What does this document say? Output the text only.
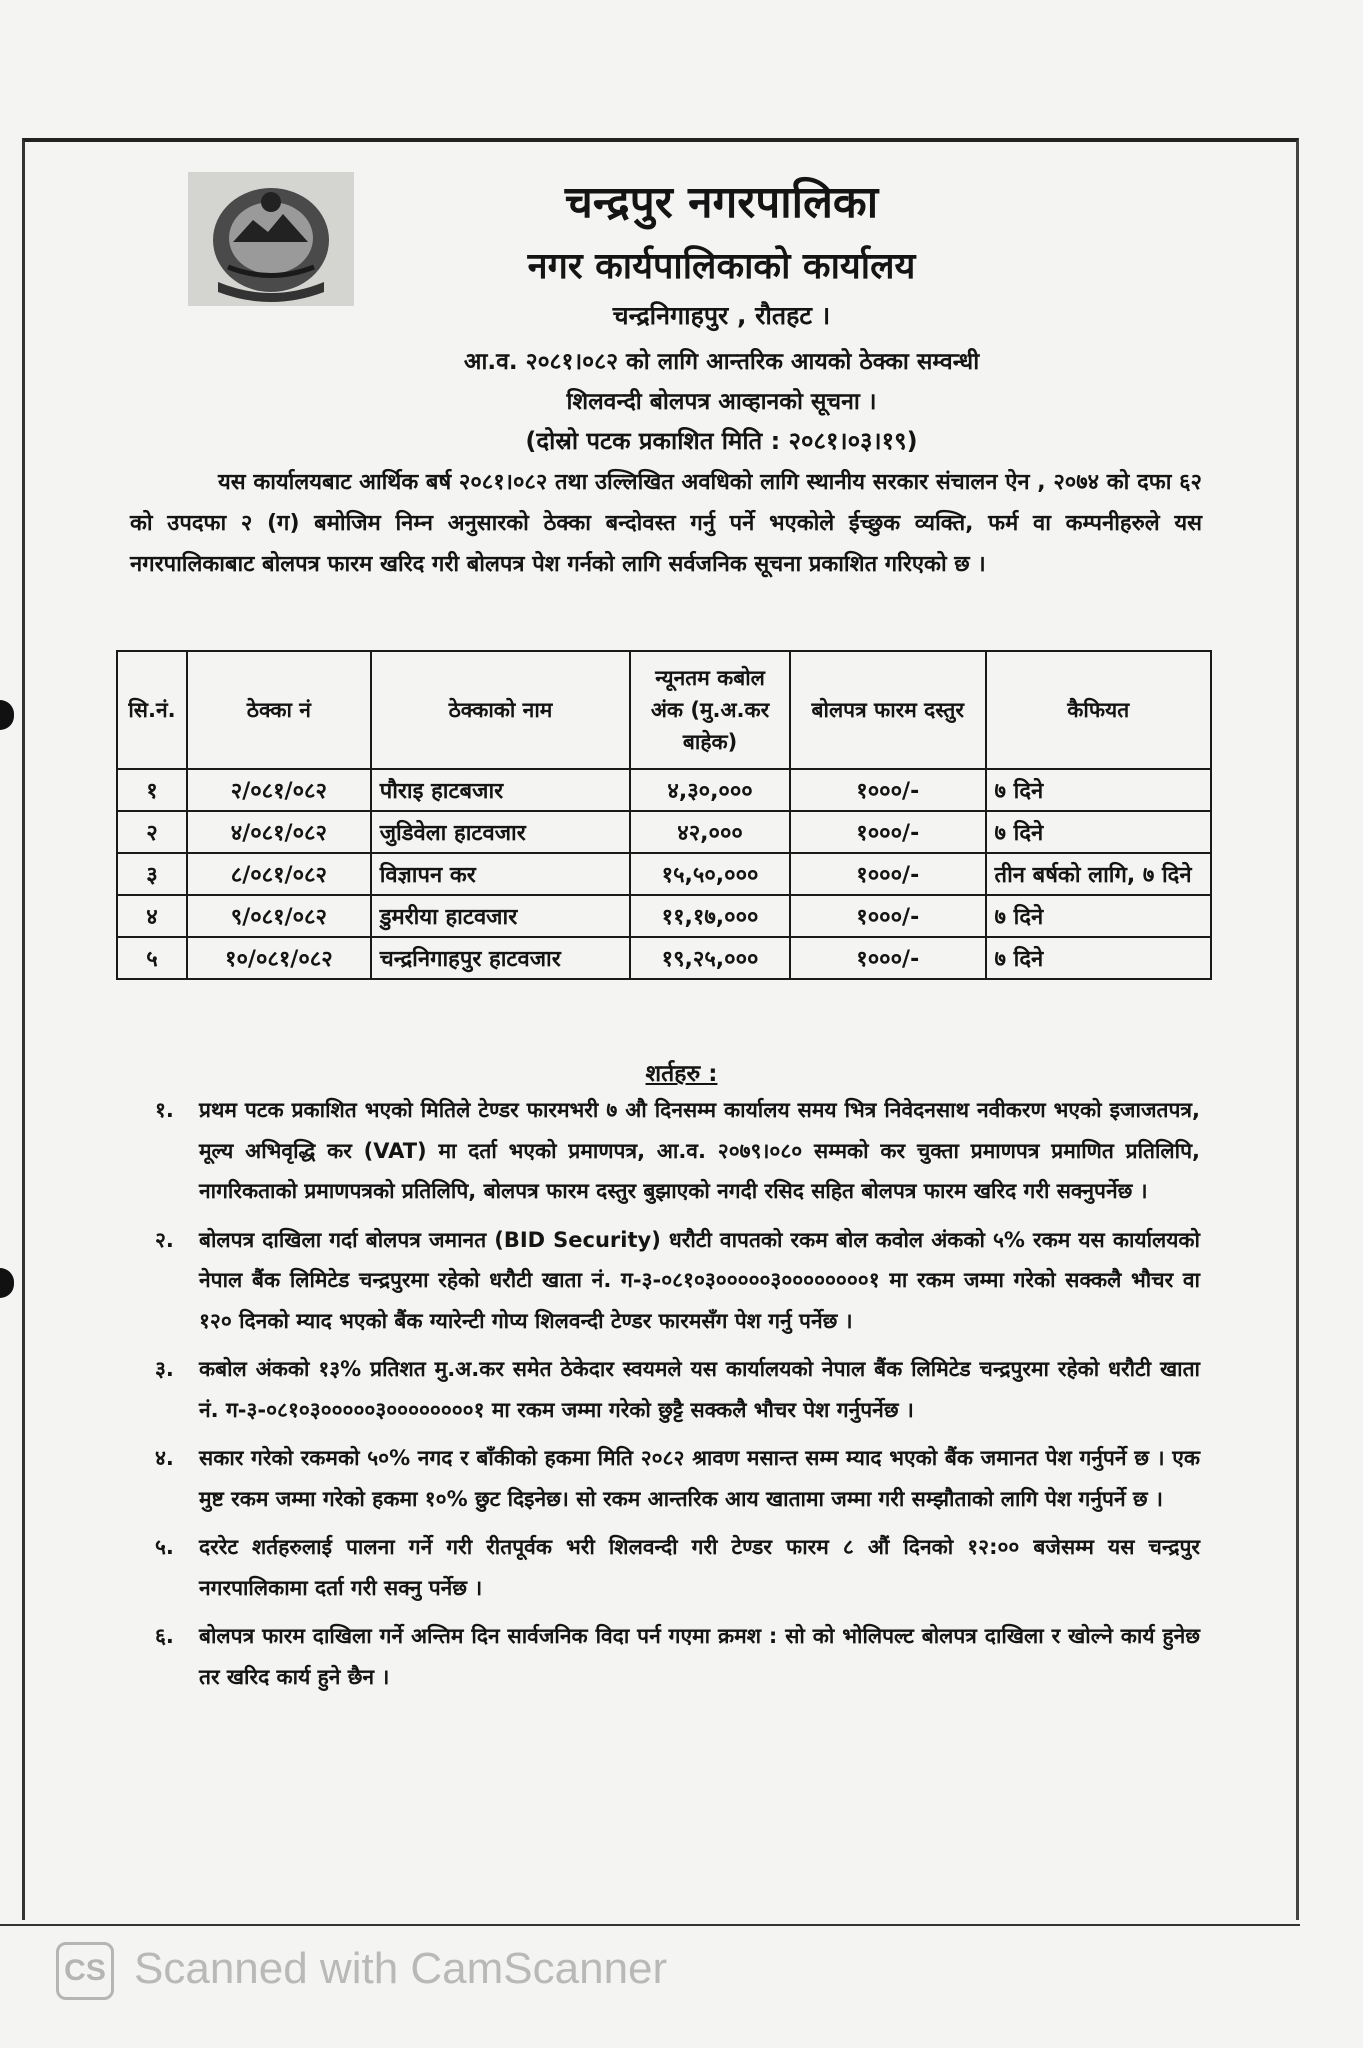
चन्द्रपुर नगरपालिका
नगर कार्यपालिकाको कार्यालय
चन्द्रनिगाहपुर , रौतहट ।
आ.व. २०८१।०८२ को लागि आन्तरिक आयको ठेक्का सम्वन्धी
शिलवन्दी बोलपत्र आव्हानको सूचना ।
(दोस्रो पटक प्रकाशित मिति : २०८१।०३।१९)
यस कार्यालयबाट आर्थिक बर्ष २०८१।०८२ तथा उल्लिखित अवधिको लागि स्थानीय सरकार संचालन ऐन , २०७४ को दफा ६२ को उपदफा २ (ग) बमोजिम निम्न अनुसारको ठेक्का बन्दोवस्त गर्नु पर्ने भएकोले ईच्छुक व्यक्ति, फर्म वा कम्पनीहरुले यस नगरपालिकाबाट बोलपत्र फारम खरिद गरी बोलपत्र पेश गर्नको लागि सर्वजनिक सूचना प्रकाशित गरिएको छ ।
सि.नं.	ठेक्का नं	ठेक्काको नाम	न्यूनतम कबोल अंक (मु.अ.कर बाहेक)	बोलपत्र फारम दस्तुर	कैफियत
१	२/०८१/०८२	पौराइ हाटबजार	४,३०,०००	१०००/-	७ दिने
२	४/०८१/०८२	जुडिवेला हाटवजार	४२,०००	१०००/-	७ दिने
३	८/०८१/०८२	विज्ञापन कर	१५,५०,०००	१०००/-	तीन बर्षको लागि, ७ दिने
४	९/०८१/०८२	डुमरीया हाटवजार	११,१७,०००	१०००/-	७ दिने
५	१०/०८१/०८२	चन्द्रनिगाहपुर हाटवजार	१९,२५,०००	१०००/-	७ दिने
शर्तहरु :
१. प्रथम पटक प्रकाशित भएको मितिले टेण्डर फारमभरी ७ औ दिनसम्म कार्यालय समय भित्र निवेदनसाथ नवीकरण भएको इजाजतपत्र, मूल्य अभिवृद्धि कर (VAT) मा दर्ता भएको प्रमाणपत्र, आ.व. २०७९।०८० सम्मको कर चुक्ता प्रमाणपत्र प्रमाणित प्रतिलिपि, नागरिकताको प्रमाणपत्रको प्रतिलिपि, बोलपत्र फारम दस्तुर बुझाएको नगदी रसिद सहित बोलपत्र फारम खरिद गरी सक्नुपर्नेछ ।
२. बोलपत्र दाखिला गर्दा बोलपत्र जमानत (BID Security) धरौटी वापतको रकम बोल कवोल अंकको ५% रकम यस कार्यालयको नेपाल बैंक लिमिटेड चन्द्रपुरमा रहेको धरौटी खाता नं. ग-३-०८१०३०००००३००००००००१ मा रकम जम्मा गरेको सक्कलै भौचर वा १२० दिनको म्याद भएको बैंक ग्यारेन्टी गोप्य शिलवन्दी टेण्डर फारमसँग पेश गर्नु पर्नेछ ।
३. कबोल अंकको १३% प्रतिशत मु.अ.कर समेत ठेकेदार स्वयमले यस कार्यालयको नेपाल बैंक लिमिटेड चन्द्रपुरमा रहेको धरौटी खाता नं. ग-३-०८१०३०००००३००००००००१ मा रकम जम्मा गरेको छुट्टै सक्कलै भौचर पेश गर्नुपर्नेछ ।
४. सकार गरेको रकमको ५०% नगद र बाँकीको हकमा मिति २०८२ श्रावण मसान्त सम्म म्याद भएको बैंक जमानत पेश गर्नुपर्ने छ । एक मुष्ट रकम जम्मा गरेको हकमा १०% छुट दिइनेछ। सो रकम आन्तरिक आय खातामा जम्मा गरी सम्झौताको लागि पेश गर्नुपर्ने छ ।
५. दररेट शर्तहरुलाई पालना गर्ने गरी रीतपूर्वक भरी शिलवन्दी गरी टेण्डर फारम ८ औं दिनको १२:०० बजेसम्म यस चन्द्रपुर नगरपालिकामा दर्ता गरी सक्नु पर्नेछ ।
६. बोलपत्र फारम दाखिला गर्ने अन्तिम दिन सार्वजनिक विदा पर्न गएमा क्रमश : सो को भोलिपल्ट बोलपत्र दाखिला र खोल्ने कार्य हुनेछ तर खरिद कार्य हुने छैन ।
CS Scanned with CamScanner
